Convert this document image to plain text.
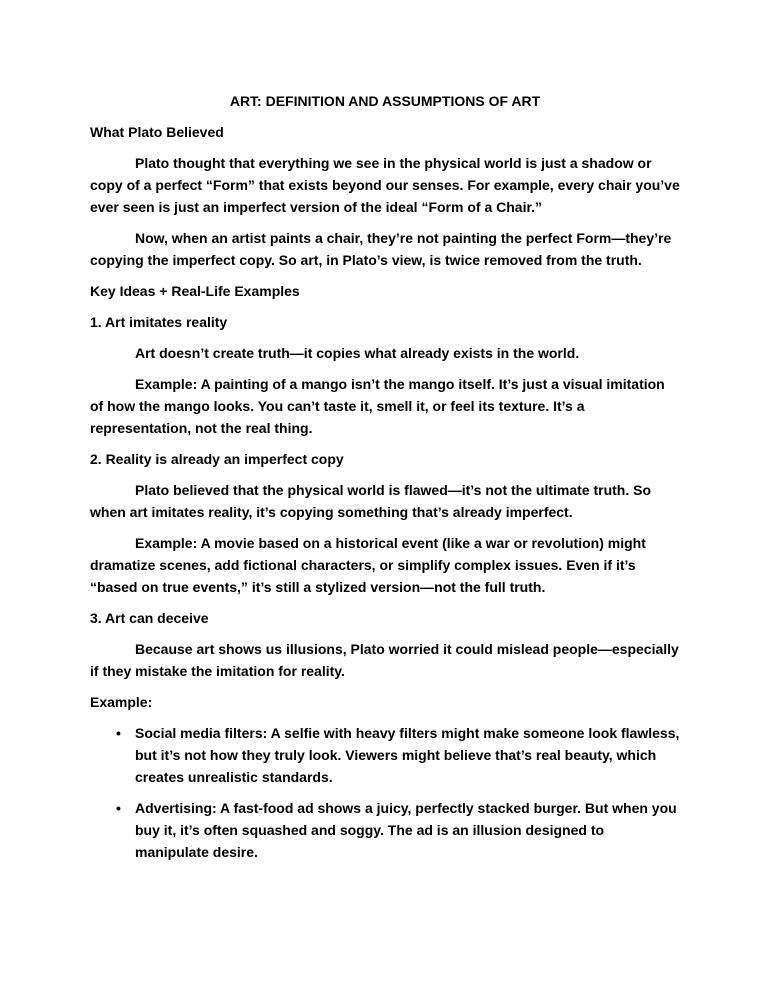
ART: DEFINITION AND ASSUMPTIONS OF ART

What Plato Believed

Plato thought that everything we see in the physical world is just a shadow or copy of a perfect “Form” that exists beyond our senses. For example, every chair you’ve ever seen is just an imperfect version of the ideal “Form of a Chair.”

Now, when an artist paints a chair, they’re not painting the perfect Form—they’re copying the imperfect copy. So art, in Plato’s view, is twice removed from the truth.

Key Ideas + Real-Life Examples

1. Art imitates reality

Art doesn’t create truth—it copies what already exists in the world.

Example: A painting of a mango isn’t the mango itself. It’s just a visual imitation of how the mango looks. You can’t taste it, smell it, or feel its texture. It’s a representation, not the real thing.

2. Reality is already an imperfect copy

Plato believed that the physical world is flawed—it’s not the ultimate truth. So when art imitates reality, it’s copying something that’s already imperfect.

Example: A movie based on a historical event (like a war or revolution) might dramatize scenes, add fictional characters, or simplify complex issues. Even if it’s “based on true events,” it’s still a stylized version—not the full truth.

3. Art can deceive

Because art shows us illusions, Plato worried it could mislead people—especially if they mistake the imitation for reality.

Example:

• Social media filters: A selfie with heavy filters might make someone look flawless, but it’s not how they truly look. Viewers might believe that’s real beauty, which creates unrealistic standards.
• Advertising: A fast-food ad shows a juicy, perfectly stacked burger. But when you buy it, it’s often squashed and soggy. The ad is an illusion designed to manipulate desire.
